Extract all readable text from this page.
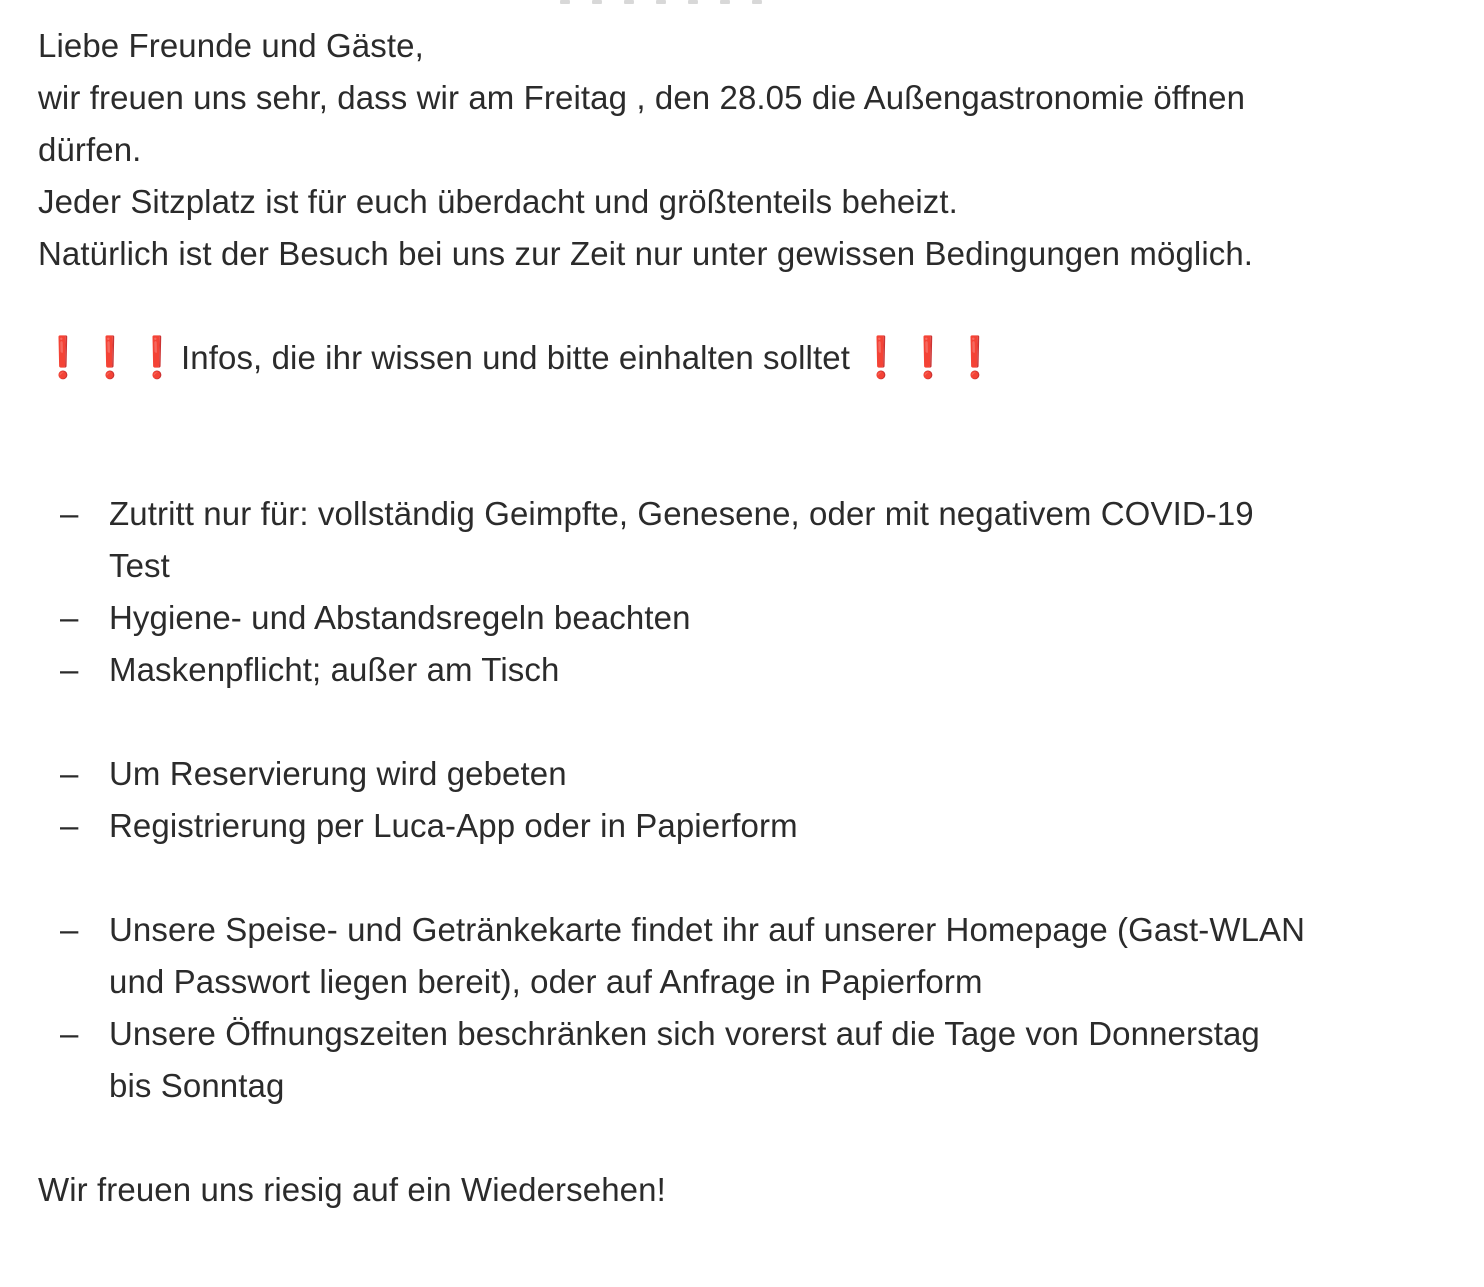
Liebe Freunde und Gäste,
wir freuen uns sehr, dass wir am Freitag , den 28.05 die Außengastronomie öffnen
dürfen.
Jeder Sitzplatz ist für euch überdacht und größtenteils beheizt.
Natürlich ist der Besuch bei uns zur Zeit nur unter gewissen Bedingungen möglich.
❗
❗
❗ Infos, die ihr wissen und bitte einhalten solltet ❗
❗
❗
– Zutritt nur für: vollständig Geimpfte, Genesene, oder mit negativem COVID-19
Test
– Hygiene- und Abstandsregeln beachten
– Maskenpflicht; außer am Tisch
– Um Reservierung wird gebeten
– Registrierung per Luca-App oder in Papierform
– Unsere Speise- und Getränkekarte findet ihr auf unserer Homepage (Gast-WLAN
und Passwort liegen bereit), oder auf Anfrage in Papierform
– Unsere Öffnungszeiten beschränken sich vorerst auf die Tage von Donnerstag
bis Sonntag
Wir freuen uns riesig auf ein Wiedersehen!
